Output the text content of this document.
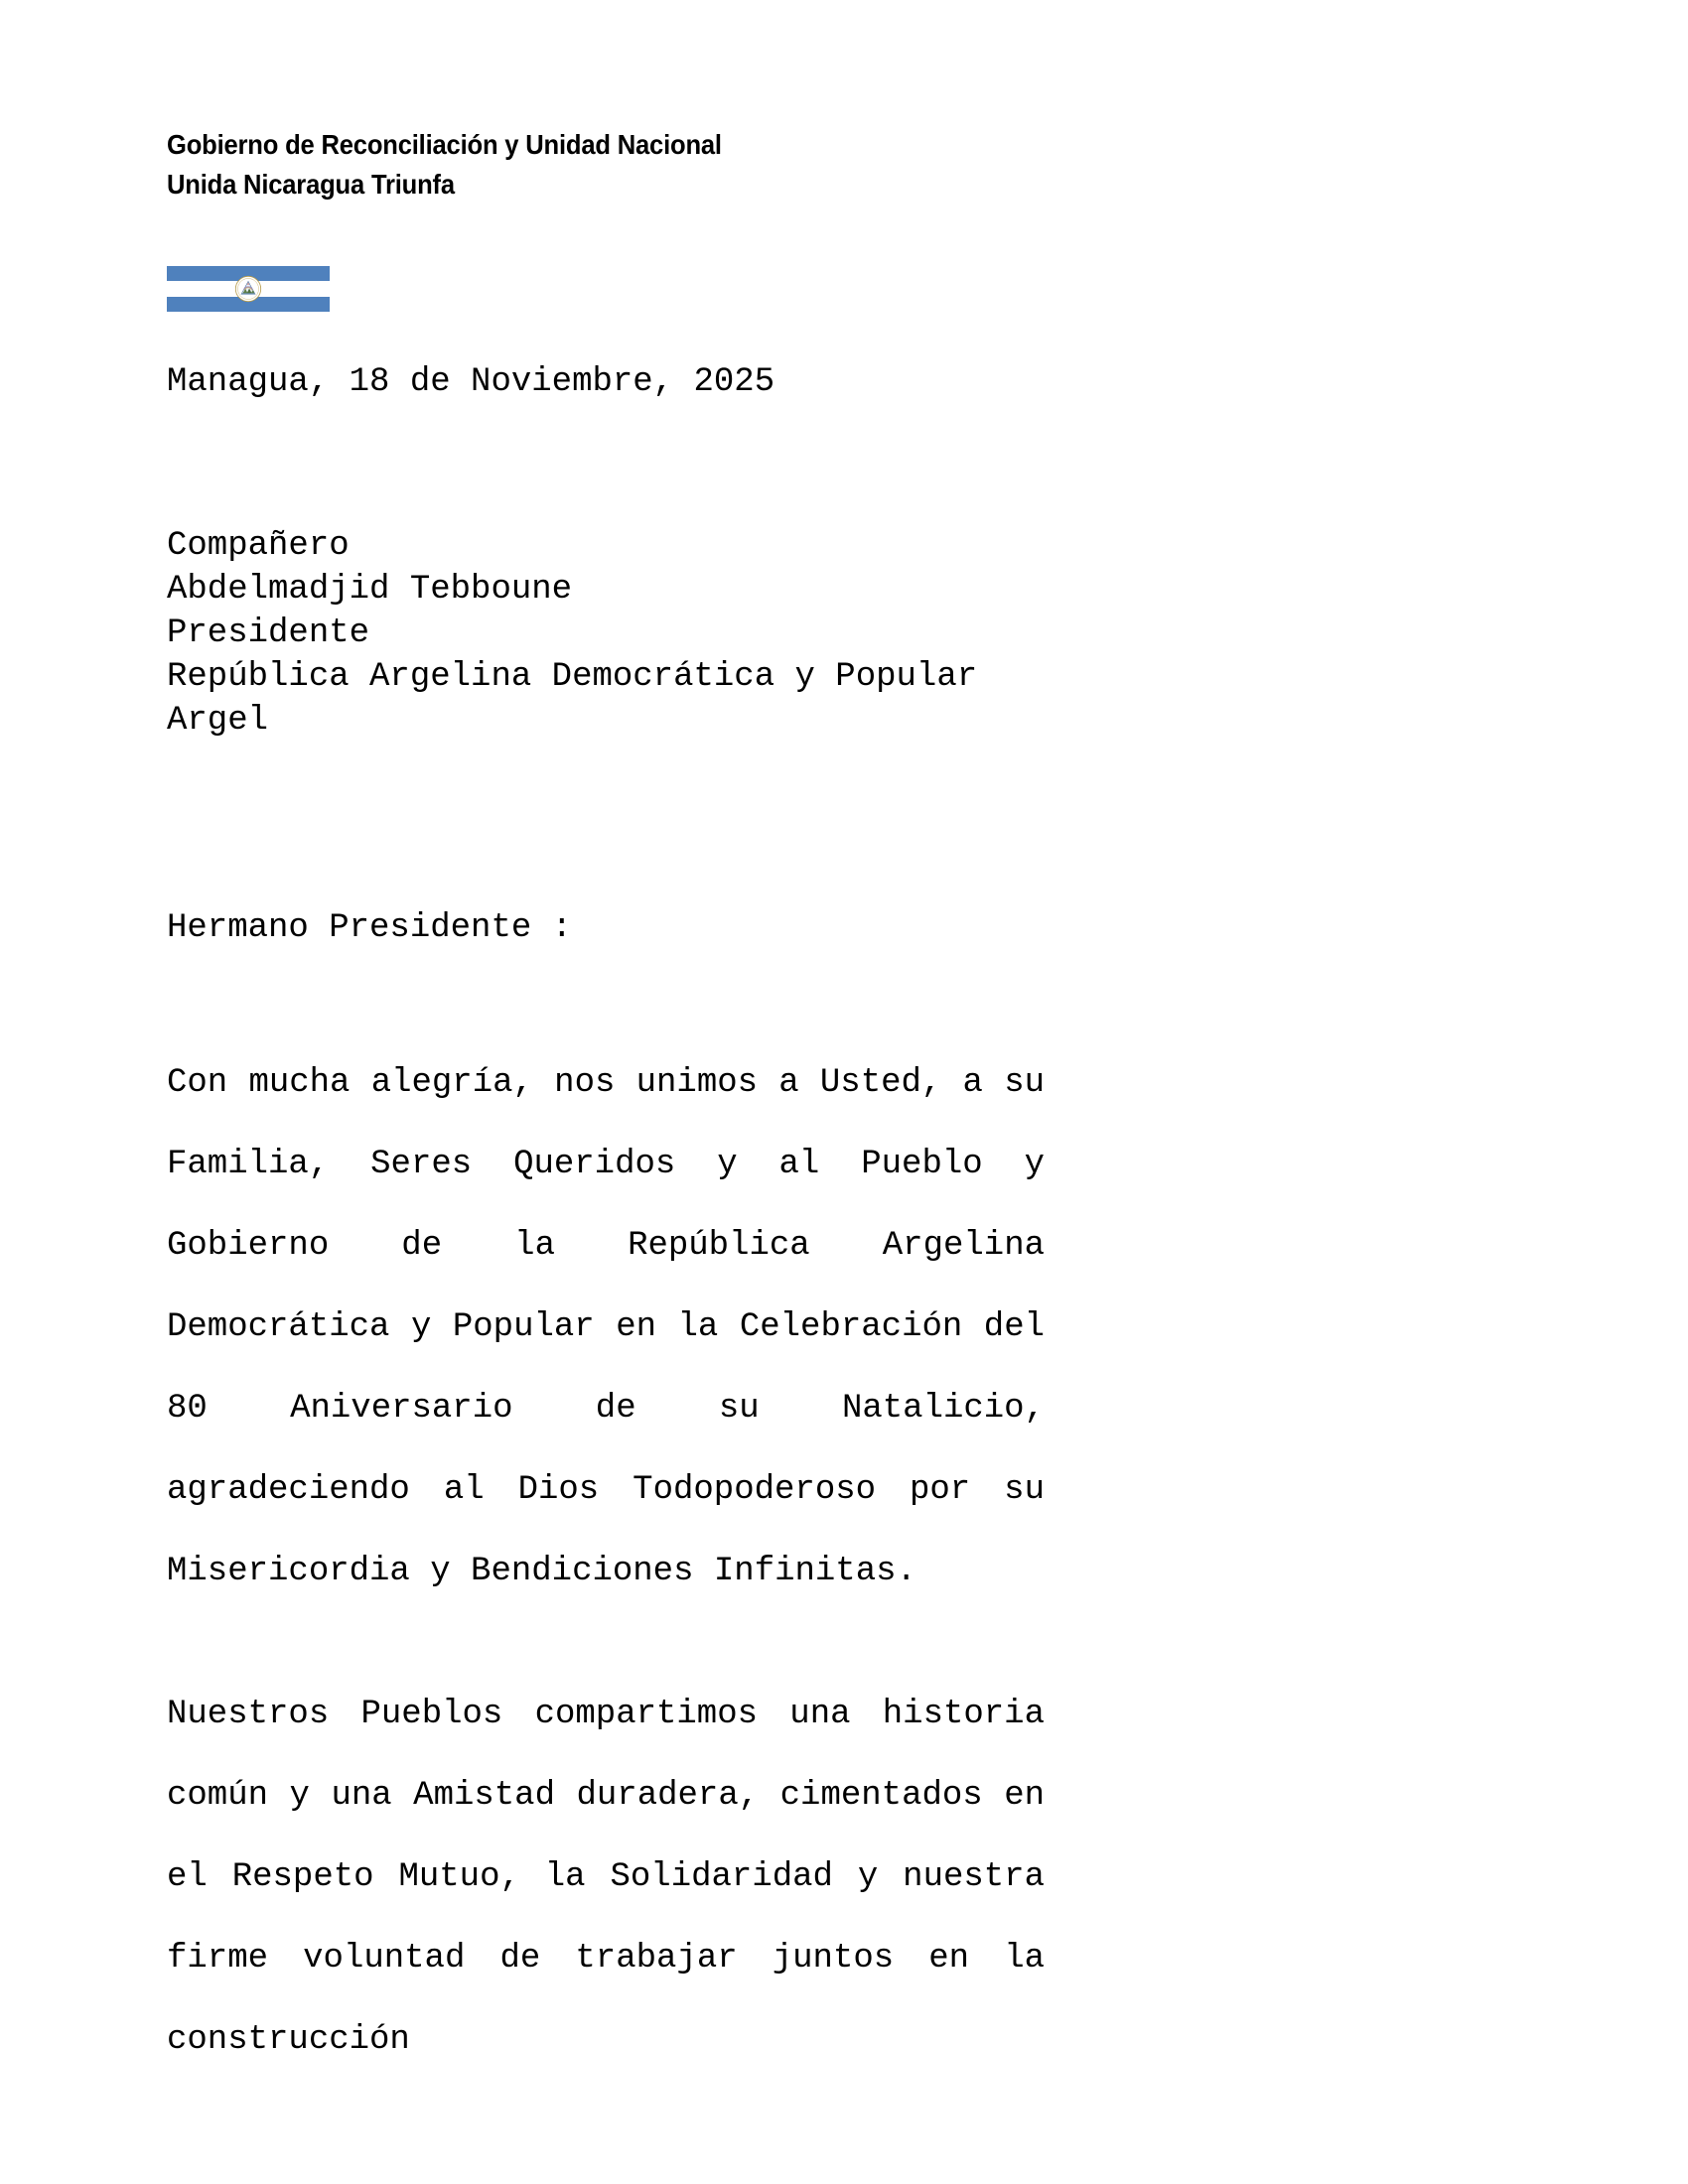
Gobierno de Reconciliación y Unidad Nacional
Unida Nicaragua Triunfa
Managua, 18 de Noviembre, 2025
Compañero
Abdelmadjid Tebboune
Presidente
República Argelina Democrática y Popular
Argel
Hermano Presidente :

Con mucha alegría, nos unimos a Usted, a su Familia, Seres Queridos y al Pueblo y Gobierno de la República Argelina Democrática y Popular en la Celebración del 80 Aniversario de su Natalicio, agradeciendo al Dios Todopoderoso por su Misericordia y Bendiciones Infinitas.

Nuestros Pueblos compartimos una historia común y una Amistad duradera, cimentados en el Respeto Mutuo, la Solidaridad y nuestra firme voluntad de trabajar juntos en la construcción
